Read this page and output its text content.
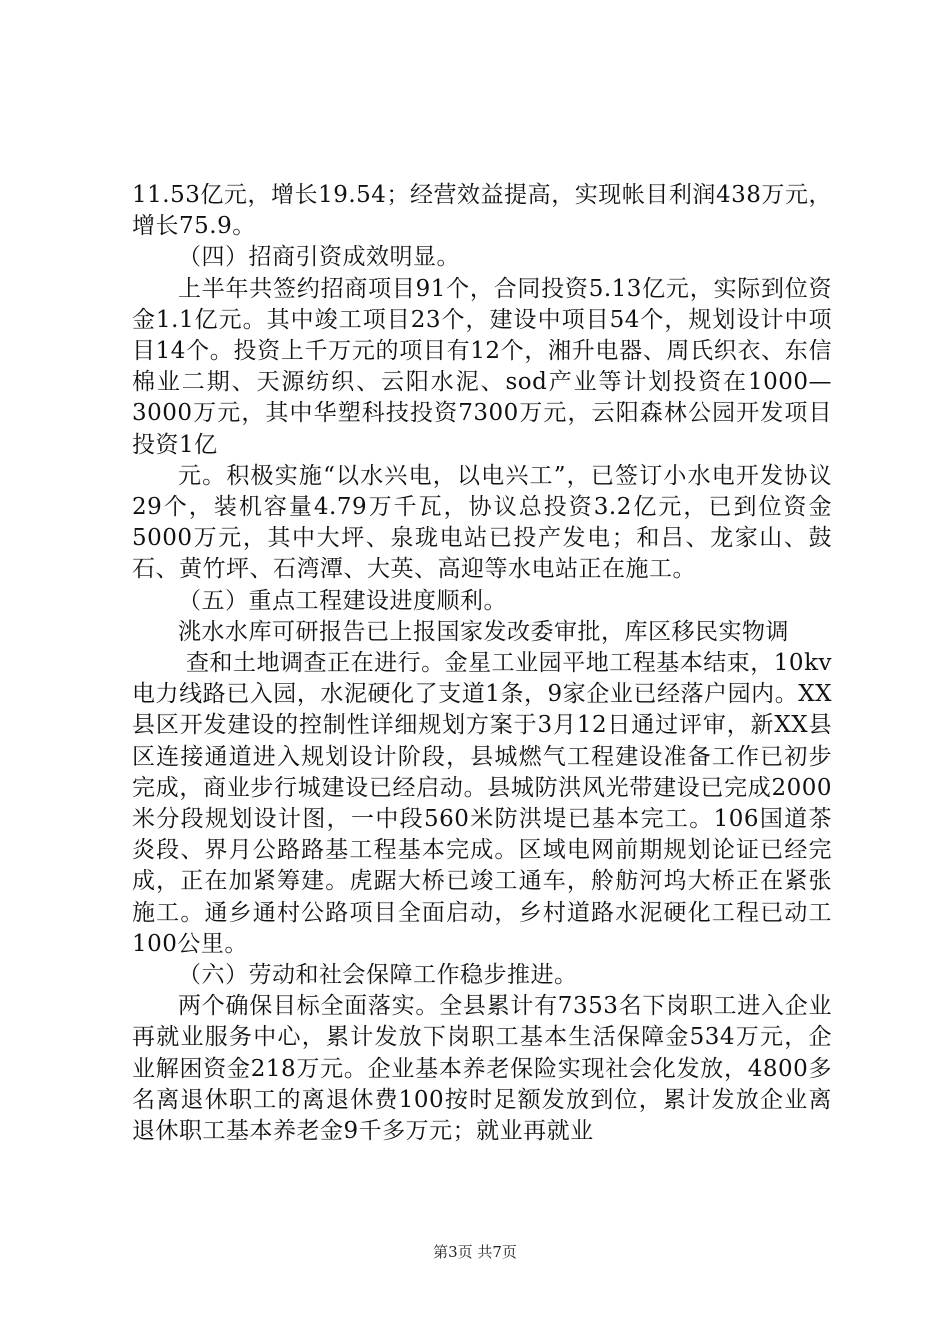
11.53亿元，增长19.54；经营效益提高，实现帐目利润438万元，增长75.9。

（四）招商引资成效明显。

上半年共签约招商项目91个，合同投资5.13亿元，实际到位资金1.1亿元。其中竣工项目23个，建设中项目54个，规划设计中项目14个。投资上千万元的项目有12个，湘升电器、周氏织衣、东信棉业二期、天源纺织、云阳水泥、sod产业等计划投资在1000—3000万元，其中华塑科技投资7300万元，云阳森林公园开发项目投资1亿

元。积极实施“以水兴电，以电兴工”，已签订小水电开发协议29个，装机容量4.79万千瓦，协议总投资3.2亿元，已到位资金5000万元，其中大坪、泉珑电站已投产发电；和吕、龙家山、鼓石、黄竹坪、石湾潭、大英、高迎等水电站正在施工。

（五）重点工程建设进度顺利。

洮水水库可研报告已上报国家发改委审批，库区移民实物调

查和土地调查正在进行。金星工业园平地工程基本结束，10kv电力线路已入园，水泥硬化了支道1条，9家企业已经落户园内。XX县区开发建设的控制性详细规划方案于3月12日通过评审，新XX县区连接通道进入规划设计阶段，县城燃气工程建设准备工作已初步完成，商业步行城建设已经启动。县城防洪风光带建设已完成2000米分段规划设计图，一中段560米防洪堤已基本完工。106国道茶炎段、界月公路路基工程基本完成。区域电网前期规划论证已经完成，正在加紧筹建。虎踞大桥已竣工通车，舲舫河坞大桥正在紧张施工。通乡通村公路项目全面启动，乡村道路水泥硬化工程已动工100公里。

（六）劳动和社会保障工作稳步推进。

两个确保目标全面落实。全县累计有7353名下岗职工进入企业再就业服务中心，累计发放下岗职工基本生活保障金534万元，企业解困资金218万元。企业基本养老保险实现社会化发放，4800多名离退休职工的离退休费100按时足额发放到位，累计发放企业离退休职工基本养老金9千多万元；就业再就业

第3页 共7页
